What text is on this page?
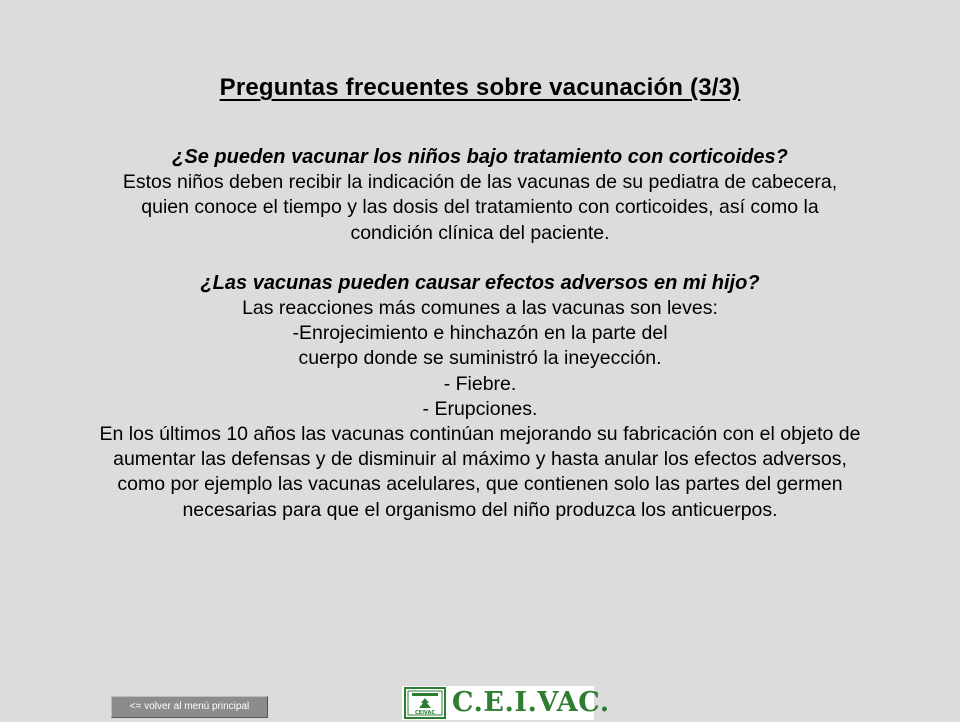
Preguntas frecuentes sobre vacunación (3/3)
¿Se pueden vacunar los niños bajo tratamiento con corticoides?
Estos niños deben recibir la indicación de las vacunas de su pediatra de cabecera,
quien conoce el tiempo y las dosis del tratamiento con corticoides, así como la
condición clínica del paciente.
¿Las vacunas pueden causar efectos adversos en mi hijo?
Las reacciones más comunes a las vacunas son leves:
-Enrojecimiento e hinchazón en la parte del
cuerpo donde se suministró la ineyección.
- Fiebre.
- Erupciones.
En los últimos 10 años las vacunas continúan mejorando su fabricación con el objeto de
aumentar las defensas y de disminuir al máximo y hasta anular los efectos adversos,
como por ejemplo las vacunas acelulares, que contienen solo las partes del germen
necesarias para que el organismo del niño produzca los anticuerpos.
<= volver al menú principal
CEIVAC C.E.I.VAC.
